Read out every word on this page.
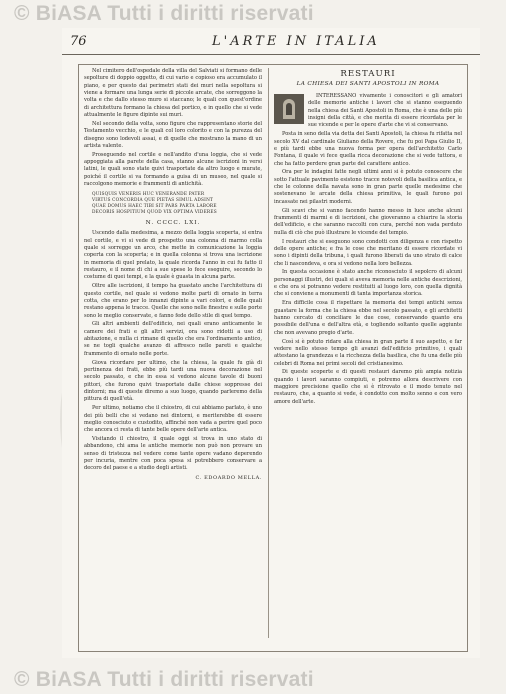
© BiASA Tutti i diritti riservati
76	L'ARTE IN ITALIA

Nel cimitero dell'ospedale della villa del Salviati si formano delle sepolture di doppio oggetto, di cui vario e copioso era accumulato il piano, e per questo dai perimetri stati dei muri nella sepoltura si viene a formare una lunga serie di piccole arcate, che sorreggono la volta e che dallo stesso muro si staccano; le quali con quest'ordine di architettura formano la chiesa del portico, e in quello che si vede attualmente le figure dipinte sui muri.

Nel secondo della volta, sono figure che rappresentano storie del Testamento vecchio, e le quali col loro colorito e con la purezza del disegno sono lodevoli assai, e di quelle che mostrano la mano di un artista valente.

Proseguendo nel cortile e nell'andito d'una loggia, che si vede appoggiata alla parete della casa, stanno alcune iscrizioni in versi latini, le quali sono state quivi trasportate da altro luogo e murate, poiché il cortile si va formando a guisa di un museo, nel quale si raccolgono memorie e frammenti di antichità.

QUISQUIS VENERIS HUC VENERANDE PATER
VIRTUS CONCORDIA QUE PIETAS SIMUL ADSINT
QUAE DOMUS HAEC TIBI SIT PARS PARTA LABORE
DECORIS HOSPITIUM QUOD VIX OPTIMA VIDERES
N. CCCC. LXI.

Uscendo dalla medesima, a mezzo della loggia scoperta, si entra nel cortile, e vi si vede di prospetto una colonna di marmo colla quale si sorregge un arco, che mette in comunicazione la loggia coperta con la scoperta; e in quella colonna si trova una iscrizione in memoria di quel prelato, la quale ricorda l'anno in cui fu fatto il restauro, e il nome di chi a sue spese lo fece eseguire, secondo lo costume di quei tempi, e la quale è guasta in alcuna parte.

Oltre alle iscrizioni, il tempo ha guastato anche l'architettura di questo cortile, nel quale si vedono molte parti di ornato in terra cotta, che erano per lo innanzi dipinte a vari colori, e delle quali restano appena le tracce. Quelle che sono nelle finestre e sulle porte sono le meglio conservate, e fanno fede dello stile di quel tempo.

Gli altri ambienti dell'edificio, nei quali erano anticamente le camere dei frati e gli altri servizi, ora sono ridotti a uso di abitazione, e nulla ci rimane di quello che era l'ordinamento antico, se ne togli qualche avanzo di affresco nelle pareti e qualche frammento di ornato nelle porte.

Giova ricordare per ultimo, che la chiesa, la quale fu già di pertinenza dei frati, ebbe più tardi una nuova decorazione nel secolo passato, e che in essa si vedono alcune tavole di buoni pittori, che furono quivi trasportate dalle chiese soppresse dei dintorni; ma di queste diremo a suo luogo, quando parleremo della pittura di quell'età.

Per ultimo, notiamo che il chiostro, di cui abbiamo parlato, è uno dei più belli che si vedano nei dintorni, e meriterebbe di essere meglio conosciuto e custodito, affinché non vada a perire quel poco che ancora ci resta di tante belle opere dell'arte antica.

Visitando il chiostro, il quale oggi si trova in uno stato di abbandono, chi ama le antiche memorie non può non provare un senso di tristezza nel vedere come tante opere vadano deperendo per incuria, mentre con poca spesa si potrebbero conservare a decoro del paese e a studio degli artisti.

C. EDOARDO MELLA.
RESTAURI
LA CHIESA DEI SANTI APOSTOLI IN ROMA

INTERESSANO vivamente i conoscitori e gli amatori delle memorie antiche i lavori che si stanno eseguendo nella chiesa dei Santi Apostoli in Roma, che è una delle più insigni della città, e che merita di essere ricordata per le sue vicende e per le opere d'arte che vi si conservano.

Posta in seno della via detta dei Santi Apostoli, la chiesa fu rifatta nel secolo XV dal cardinale Giuliano della Rovere, che fu poi Papa Giulio II, e più tardi ebbe una nuova forma per opera dell'architetto Carlo Fontana, il quale vi fece quella ricca decorazione che si vede tuttora, e che ha fatto perdere gran parte del carattere antico.

Ora per le indagini fatte negli ultimi anni si è potuto conoscere che sotto l'attuale pavimento esistono tracce notevoli della basilica antica, e che le colonne della navata sono in gran parte quelle medesime che sostenevano le arcate della chiesa primitiva, le quali furono poi incassate nei pilastri moderni.

Gli scavi che si vanno facendo hanno messo in luce anche alcuni frammenti di marmi e di iscrizioni, che gioveranno a chiarire la storia dell'edificio, e che saranno raccolti con cura, perché non vada perduto nulla di ciò che può illustrare le vicende del tempio.

I restauri che si eseguono sono condotti con diligenza e con rispetto delle opere antiche; e fra le cose che meritano di essere ricordate vi sono i dipinti della tribuna, i quali furono liberati da uno strato di calce che li nascondeva, e ora si vedono nella loro bellezza.

In questa occasione è stato anche riconosciuto il sepolcro di alcuni personaggi illustri, dei quali si aveva memoria nelle antiche descrizioni, e che ora si potranno vedere restituiti al luogo loro, con quella dignità che si conviene a monumenti di tanta importanza storica.

Era difficile cosa il rispettare la memoria dei tempi antichi senza guastare la forma che la chiesa ebbe nel secolo passato, e gli architetti hanno cercato di conciliare le due cose, conservando quanto era possibile dell'una e dell'altra età, e togliendo soltanto quelle aggiunte che non avevano pregio d'arte.

Così si è potuto ridare alla chiesa in gran parte il suo aspetto, e far vedere nello stesso tempo gli avanzi dell'edificio primitivo, i quali attestano la grandezza e la ricchezza della basilica, che fu una delle più celebri di Roma nei primi secoli del cristianesimo.

Di queste scoperte e di questi restauri daremo più ampia notizia quando i lavori saranno compiuti, e potremo allora descrivere con maggiore precisione quello che si è ritrovato e il modo tenuto nel restauro, che, a quanto si vede, è condotto con molto senno e con vero amore dell'arte.

© BiASA Tutti i diritti riservati
